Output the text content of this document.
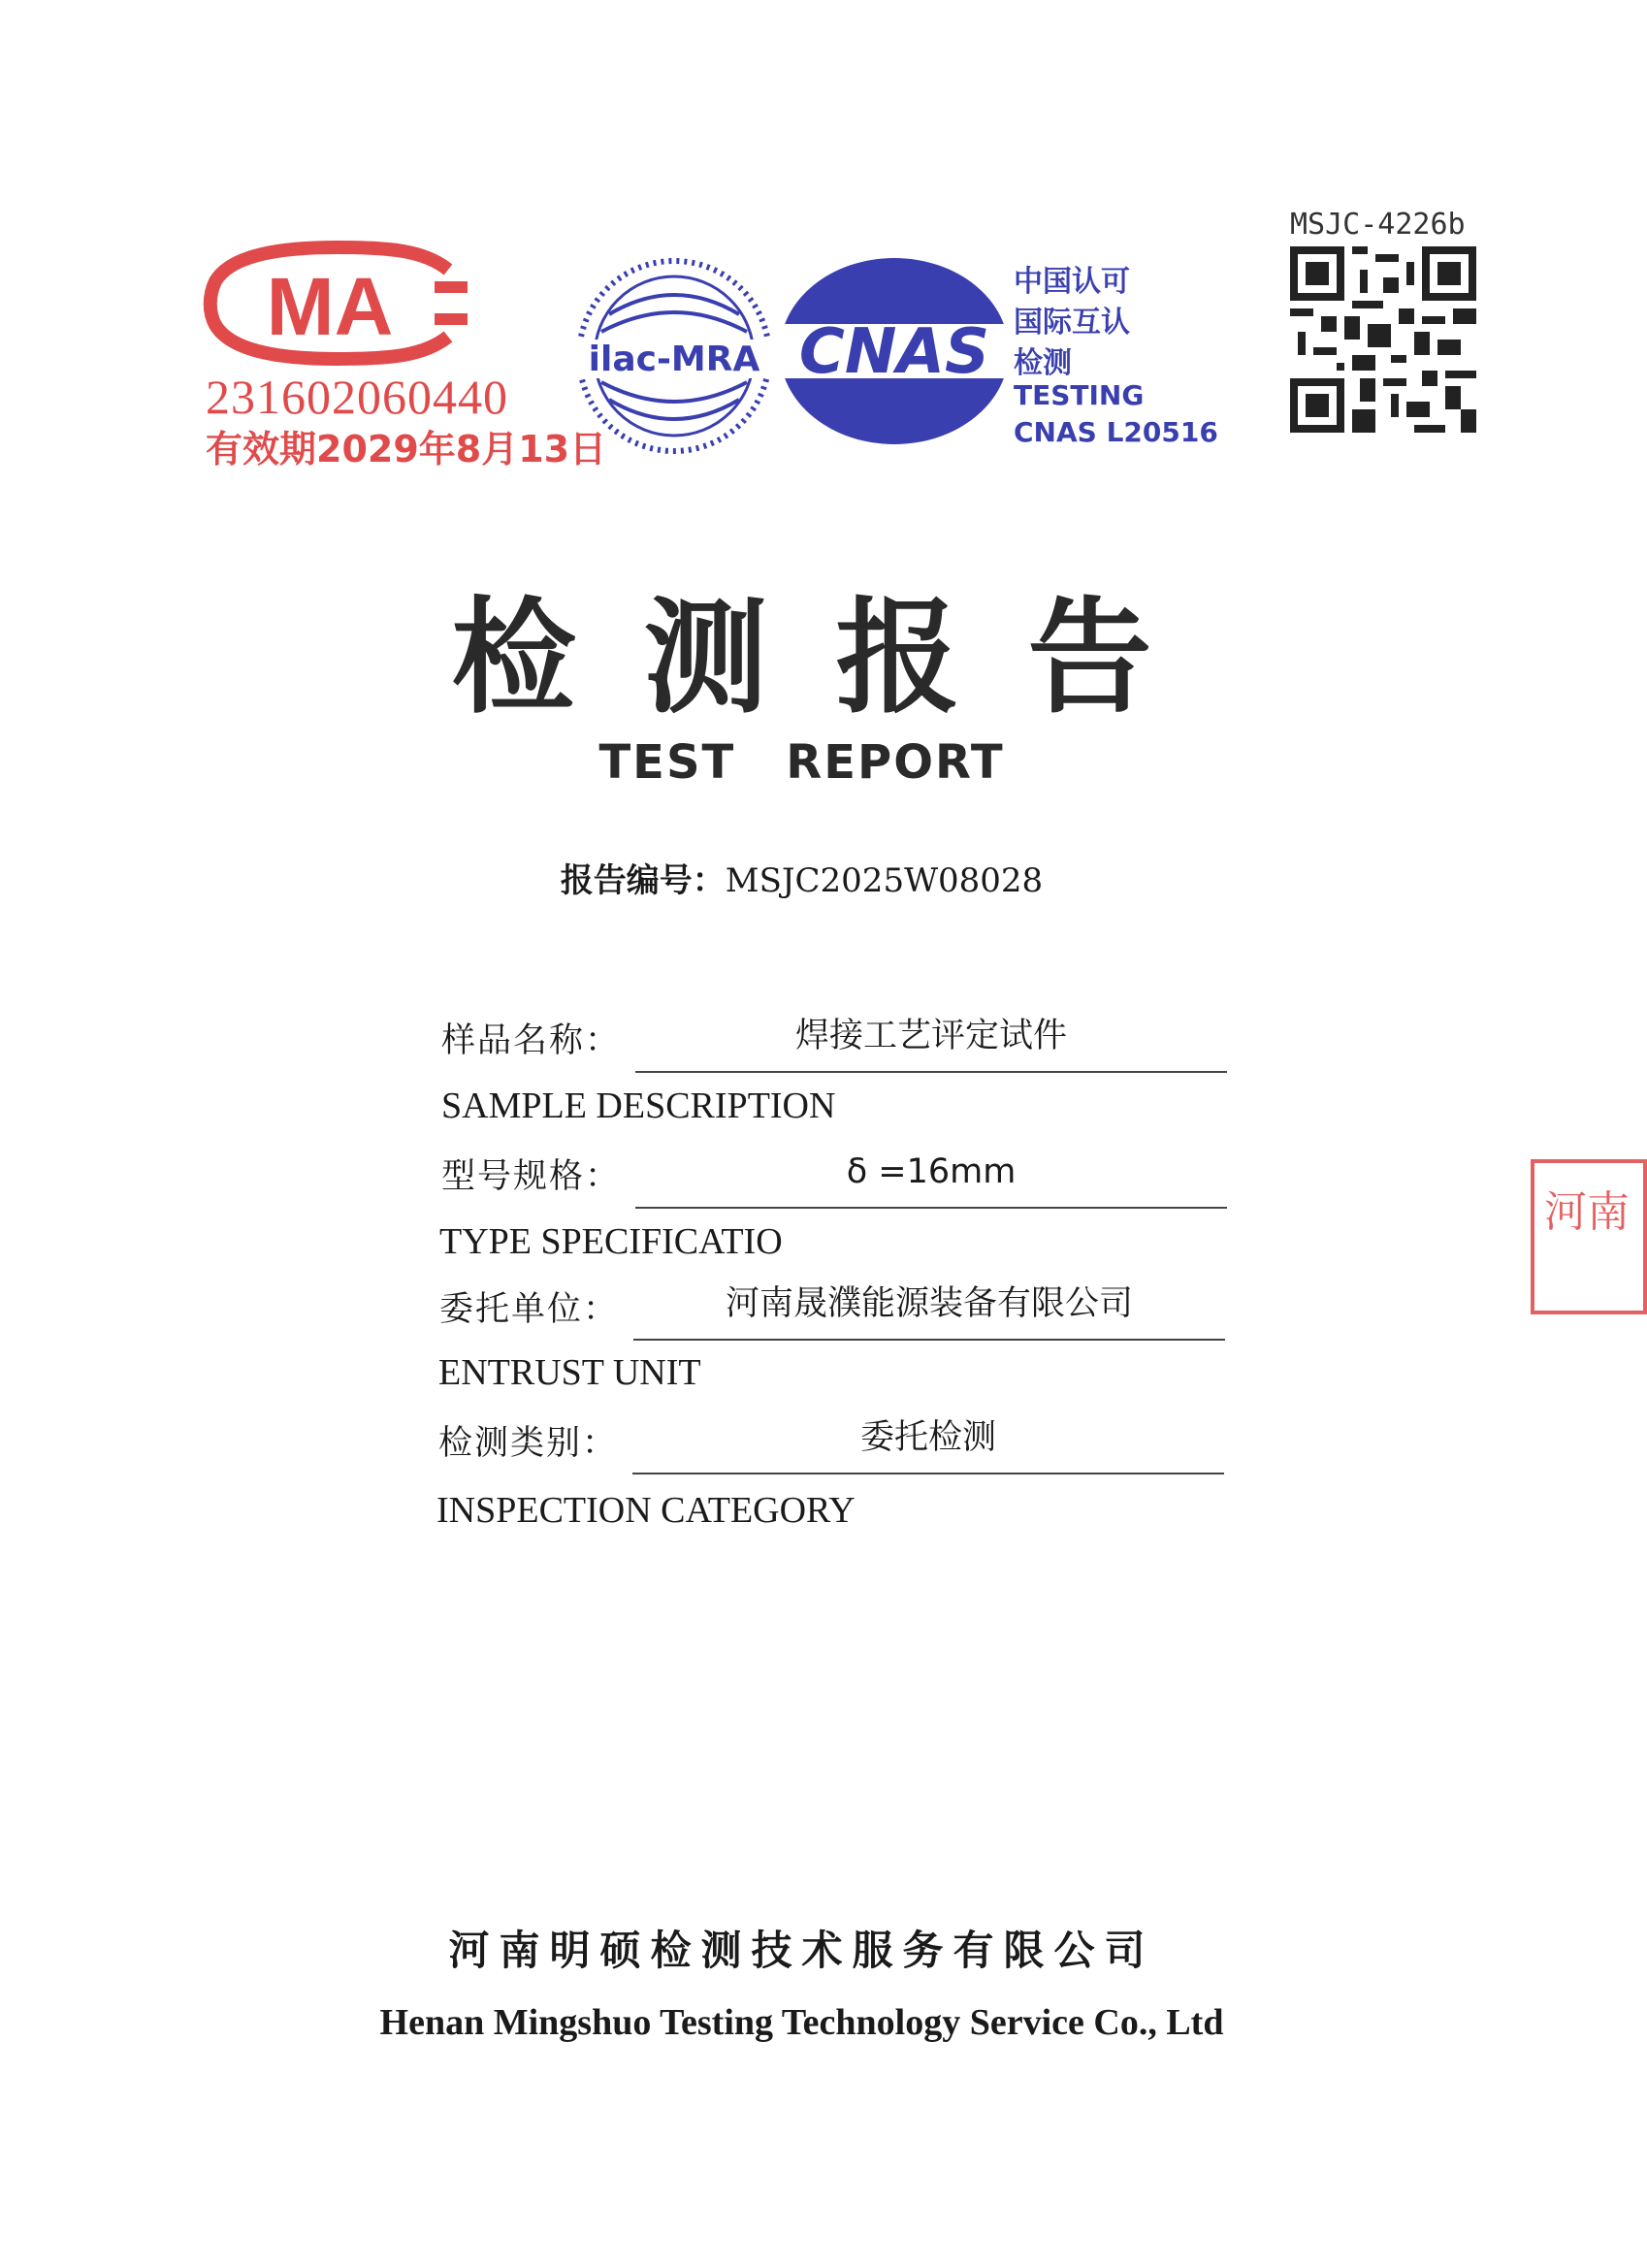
MA
231602060440
有效期2029年8月13日
ilac-MRA CNAS
中国认可
国际互认
检测
TESTING
CNAS L20516
MSJC-4226b
检测报告
TEST REPORT
报告编号：MSJC2025W08028
样品名称：	焊接工艺评定试件
SAMPLE DESCRIPTION
型号规格：	δ =16mm
TYPE SPECIFICATIO
委托单位：	河南晟濮能源装备有限公司
ENTRUST UNIT
检测类别：	委托检测
INSPECTION CATEGORY
河南明硕检测技术服务有限公司
Henan Mingshuo Testing Technology Service Co., Ltd
河南
